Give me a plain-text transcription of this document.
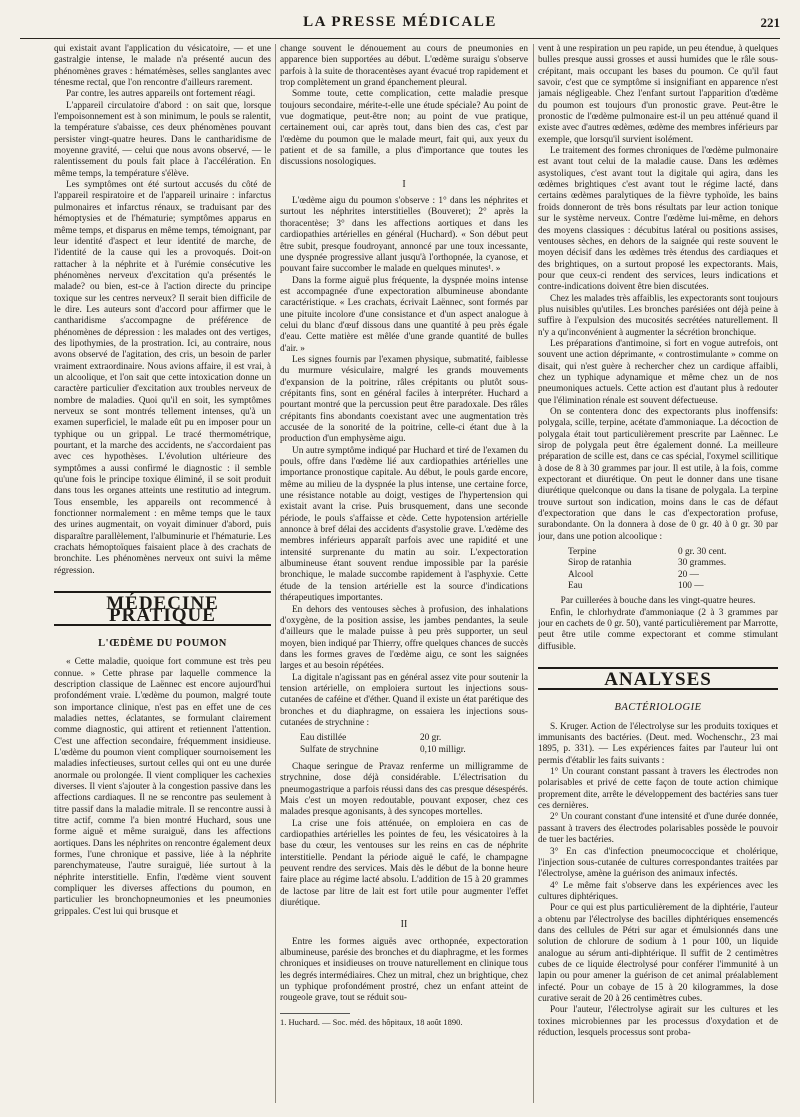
LA PRESSE MÉDICALE	221

qui existait avant l'application du vésicatoire, — et une gastralgie intense, le malade n'a présenté aucun des phénomènes graves : hématémèses, selles sanglantes avec ténesme rectal, que l'on rencontre d'ailleurs rarement.

Par contre, les autres appareils ont fortement réagi.

L'appareil circulatoire d'abord : on sait que, lorsque l'empoisonnement est à son minimum, le pouls se ralentit, la température s'abaisse, ces deux phénomènes pouvant persister vingt-quatre heures. Dans le cantharidisme de moyenne gravité, — celui que nous avons observé, — le ralentissement du pouls fait place à l'accélération. En même temps, la température s'élève.

Les symptômes ont été surtout accusés du côté de l'appareil respiratoire et de l'appareil urinaire : infarctus pulmonaires et infarctus rénaux, se traduisant par des hémoptysies et de l'hématurie; symptômes apparus en même temps, et disparus en même temps, témoignant, par leur identité d'aspect et leur identité de marche, de l'identité de la cause qui les a provoqués. Doit-on rattacher à la néphrite et à l'urémie consécutive les phénomènes nerveux d'excitation qu'a présentés le malade? ou bien, est-ce à l'action directe du principe toxique sur les centres nerveux? Il serait bien difficile de le dire. Les auteurs sont d'accord pour affirmer que le cantharidisme s'accompagne de préférence de phénomènes de dépression : les malades ont des vertiges, des lipothymies, de la prostration. Ici, au contraire, nous avons observé de l'agitation, des cris, un besoin de parler vraiment extraordinaire. Nous avions affaire, il est vrai, à un alcoolique, et l'on sait que cette intoxication donne un caractère particulier d'excitation aux troubles nerveux de nombre de maladies. Quoi qu'il en soit, les symptômes nerveux se sont montrés tellement intenses, qu'à un examen superficiel, le malade eût pu en imposer pour un typhique ou un grippal. Le tracé thermométrique, pourtant, et la marche des accidents, ne s'accordaient pas avec ces hypothèses. L'évolution ultérieure des symptômes a aussi confirmé le diagnostic : il semble qu'une fois le principe toxique éliminé, il se soit produit dans tous les organes atteints une restitutio ad integrum. Tous ensemble, les appareils ont recommencé à fonctionner normalement : en même temps que le taux des urines augmentait, on voyait diminuer d'abord, puis disparaître parallèlement, l'albuminurie et l'hématurie. Les crachats hémoptoïques faisaient place à des crachats de bronchite. Les phénomènes nerveux ont suivi la même régression.

MÉDECINE PRATIQUE
L'ŒDÈME DU POUMON

« Cette maladie, quoique fort commune est très peu connue. » Cette phrase par laquelle commence la description classique de Laënnec est encore aujourd'hui profondément vraie. L'œdème du poumon, malgré toute son importance clinique, n'est pas en effet une de ces maladies nettes, éclatantes, se formulant clairement comme diagnostic, qui attirent et retiennent l'attention. C'est une affection secondaire, fréquemment insidieuse. L'œdème du poumon vient compliquer sournoisement les maladies infectieuses, surtout celles qui ont eu une durée anormale ou prolongée. Il vient compliquer les cachexies diverses. Il vient s'ajouter à la congestion passive dans les affections cardiaques. Il ne se rencontre pas seulement à titre passif dans la maladie mitrale. Il se rencontre aussi à titre actif, comme l'a bien montré Huchard, sous une forme aiguë et même suraiguë, dans les affections aortiques. Dans les néphrites on rencontre également deux formes, l'une chronique et passive, liée à la néphrite parenchymateuse, l'autre suraiguë, liée surtout à la néphrite interstitielle. Enfin, l'œdème vient souvent compliquer les diverses affections du poumon, en particulier les bronchopneumonies et les pneumonies grippales. C'est lui qui brusque et

change souvent le dénouement au cours de pneumonies en apparence bien supportées au début. L'œdème suraigu s'observe parfois à la suite de thoracentèses ayant évacué trop rapidement et trop complètement un grand épanchement pleural.

Somme toute, cette complication, cette maladie presque toujours secondaire, mérite-t-elle une étude spéciale? Au point de vue dogmatique, peut-être non; au point de vue pratique, certainement oui, car après tout, dans bien des cas, c'est par l'œdème du poumon que le malade meurt, fait qui, aux yeux du patient et de sa famille, a plus d'importance que toutes les discussions nosologiques.

I

L'œdème aigu du poumon s'observe : 1° dans les néphrites et surtout les néphrites interstitielles (Bouveret); 2° après la thoracentèse; 3° dans les affections aortiques et dans les cardiopathies artérielles en général (Huchard). « Son début peut être subit, presque foudroyant, annoncé par une toux incessante, une dyspnée progressive allant jusqu'à l'orthopnée, la cyanose, et pouvant faire succomber le malade en quelques minutes¹. »

Dans la forme aiguë plus fréquente, la dyspnée moins intense est accompagnée d'une expectoration albumineuse abondante caractéristique. « Les crachats, écrivait Laënnec, sont formés par une pituite incolore d'une consistance et d'un aspect analogue à celui du blanc d'œuf dissous dans une quantité à peu près égale d'eau. Cette matière est mêlée d'une grande quantité de bulles d'air. »

Les signes fournis par l'examen physique, submatité, faiblesse du murmure vésiculaire, malgré les grands mouvements d'expansion de la poitrine, râles crépitants ou plutôt sous-crépitants fins, sont en général faciles à interpréter. Huchard a pourtant montré que la percussion peut être paradoxale. Des râles crépitants fins abondants coexistant avec une augmentation très accusée de la sonorité de la poitrine, celle-ci étant due à la production d'un emphysème aigu.

Un autre symptôme indiqué par Huchard et tiré de l'examen du pouls, offre dans l'œdème lié aux cardiopathies artérielles une importance pronostique capitale. Au début, le pouls garde encore, même au milieu de la dyspnée la plus intense, une certaine force, une résistance notable au doigt, vestiges de l'hypertension qui existait avant la crise. Puis brusquement, dans une seconde période, le pouls s'affaisse et cède. Cette hypotension artérielle annonce à bref délai des accidents d'asystolie grave. L'œdème des membres inférieurs apparaît parfois avec une rapidité et une intensité surprenante du matin au soir. L'expectoration albumineuse étant souvent rendue impossible par la parésie bronchique, le malade succombe rapidement à l'asphyxie. Cette étude de la tension artérielle est la source d'indications thérapeutiques importantes.

En dehors des ventouses sèches à profusion, des inhalations d'oxygène, de la position assise, les jambes pendantes, la seule d'ailleurs que le malade puisse à peu près supporter, un seul moyen, bien indiqué par Thierry, offre quelques chances de succès dans les formes graves de l'œdème aigu, ce sont les saignées larges et au besoin répétées.

La digitale n'agissant pas en général assez vite pour soutenir la tension artérielle, on emploiera surtout les injections sous-cutanées de caféine et d'éther. Quand il existe un état parétique des bronches et du diaphragme, on essaiera les injections sous-cutanées de strychnine :

Eau distillée	20 gr.
Sulfate de strychnine	0,10 milligr.

Chaque seringue de Pravaz renferme un milligramme de strychnine, dose déjà considérable. L'électrisation du pneumogastrique a parfois réussi dans des cas presque désespérés. Mais c'est un moyen redoutable, pouvant exposer, chez ces malades presque agonisants, à des syncopes mortelles.

La crise une fois atténuée, on emploiera en cas de cardiopathies artérielles les pointes de feu, les vésicatoires à la base du cœur, les ventouses sur les reins en cas de néphrite interstitielle. Pendant la période aiguë le café, le champagne peuvent rendre des services. Mais dès le début de la bonne heure faire place au régime lacté absolu. L'addition de 15 à 20 grammes de lactose par litre de lait est fort utile pour augmenter l'effet diurétique.

II

Entre les formes aiguës avec orthopnée, expectoration albumineuse, parésie des bronches et du diaphragme, et les formes chroniques et insidieuses on trouve naturellement en clinique tous les degrés intermédiaires. Chez un mitral, chez un brightique, chez un typhique profondément prostré, chez un enfant atteint de rougeole grave, tout se réduit sou-

1. Huchard. — Soc. méd. des hôpitaux, 18 août 1890.

vent à une respiration un peu rapide, un peu étendue, à quelques bulles presque aussi grosses et aussi humides que le râle sous-crépitant, mais occupant les bases du poumon. Ce qu'il faut savoir, c'est que ce symptôme si insignifiant en apparence n'est jamais négligeable. Chez l'enfant surtout l'apparition d'œdème du poumon est toujours d'un pronostic grave. Peut-être le pronostic de l'œdème pulmonaire est-il un peu atténué quand il existe avec d'autres œdèmes, œdème des membres inférieurs par exemple, que lorsqu'il survient isolément.

Le traitement des formes chroniques de l'œdème pulmonaire est avant tout celui de la maladie cause. Dans les œdèmes asystoliques, c'est avant tout la digitale qui agira, dans les œdèmes brightiques c'est avant tout le régime lacté, dans certains œdèmes paralytiques de la fièvre typhoïde, les bains froids donneront de très bons résultats par leur action tonique sur le système nerveux. Contre l'œdème lui-même, en dehors des moyens classiques : décubitus latéral ou positions assises, ventouses sèches, en dehors de la saignée qui reste souvent le moyen décisif dans les œdèmes très étendus des cardiaques et des brightiques, on a surtout proposé les expectorants. Mais, pour que ceux-ci rendent des services, leurs indications et contre-indications doivent être bien discutées.

Chez les malades très affaiblis, les expectorants sont toujours plus nuisibles qu'utiles. Les bronches parésiées ont déjà peine à suffire à l'expulsion des mucosités secrétées naturellement. Il n'y a qu'inconvénient à augmenter la sécrétion bronchique.

Les préparations d'antimoine, si fort en vogue autrefois, ont souvent une action déprimante, « controstimulante » comme on disait, qui n'est guère à rechercher chez un cardique affaibli, chez un typhique adynamique et même chez un de nos pneumoniques actuels. Cette action est d'autant plus à redouter que l'élimination rénale est souvent défectueuse.

On se contentera donc des expectorants plus inoffensifs: polygala, scille, terpine, acétate d'ammoniaque. La décoction de polygala était tout particulièrement prescrite par Laënnec. Le sirop de polygala peut être également donné. La meilleure préparation de scille est, dans ce cas spécial, l'oxymel scillitique à dose de 8 à 30 grammes par jour. Il est utile, à la fois, comme expectorant et diurétique. On peut le donner dans une tisane diurétique quelconque ou dans la tisane de polygala. La terpine trouve surtout son indication, moins dans le cas de défaut d'expectoration que dans le cas d'expectoration profuse, surabondante. On la donnera à dose de 0 gr. 40 à 0 gr. 30 par jour, dans une potion alcoolique :

Terpine	0 gr. 30 cent.
Sirop de ratanhia	30 grammes.
Alcool	20 —
Eau	100 —

Par cuillerées à bouche dans les vingt-quatre heures.

Enfin, le chlorhydrate d'ammoniaque (2 à 3 grammes par jour en cachets de 0 gr. 50), vanté particulièrement par Marrotte, peut être utile comme expectorant et comme stimulant diffusible.

ANALYSES
BACTÉRIOLOGIE

S. Kruger. Action de l'électrolyse sur les produits toxiques et immunisants des bactéries. (Deut. med. Wochenschr., 23 mai 1895, p. 331). — Les expériences faites par l'auteur lui ont permis d'établir les faits suivants :

1° Un courant constant passant à travers les électrodes non polarisables et privé de cette façon de toute action chimique proprement dite, arrête le développement des bactéries sans tuer ces dernières.

2° Un courant constant d'une intensité et d'une durée donnée, passant à travers des électrodes polarisables possède le pouvoir de tuer les bactéries.

3° En cas d'infection pneumococcique et cholérique, l'injection sous-cutanée de cultures correspondantes traitées par l'électrolyse, amène la guérison des animaux infectés.

4° Le même fait s'observe dans les expériences avec les cultures diphtériques.

Pour ce qui est plus particulièrement de la diphtérie, l'auteur a obtenu par l'électrolyse des bacilles diphtériques ensemencés dans des cellules de Pétri sur agar et émulsionnés dans une solution de chlorure de sodium à 1 pour 100, un liquide analogue au sérum anti-diphtérique. Il suffit de 2 centimètres cubes de ce liquide électrolysé pour conférer l'immunité à un lapin ou pour amener la guérison de cet animal préalablement infecté. Pour un cobaye de 15 à 20 kilogrammes, la dose curative serait de 20 à 26 centimètres cubes.

Pour l'auteur, l'électrolyse agirait sur les cultures et les toxines microbiennes par les processus d'oxydation et de réduction, lesquels processus sont proba-
